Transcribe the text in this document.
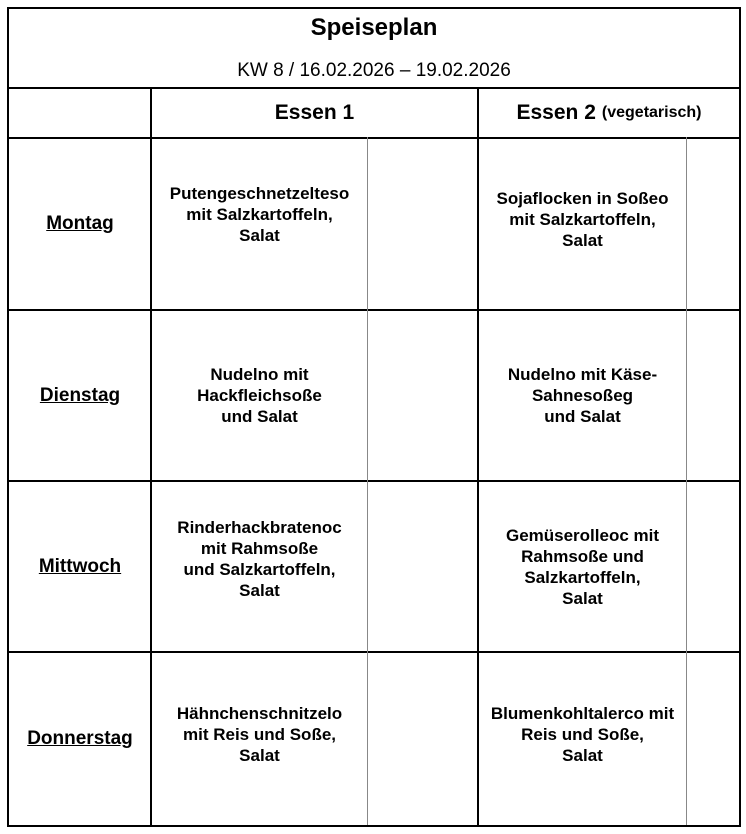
Speiseplan
KW 8 / 16.02.2026 – 19.02.2026
Essen 1	Essen 2 (vegetarisch)
Montag
Putengeschnetzelteso
mit Salzkartoffeln,
Salat
Sojaflocken in Soßeo
mit Salzkartoffeln,
Salat
Dienstag
Nudelno mit
Hackfleichsoße
und Salat
Nudelno mit Käse-
Sahnesoßeg
und Salat
Mittwoch
Rinderhackbratenoc
mit Rahmsoße
und Salzkartoffeln,
Salat
Gemüserolleoc mit
Rahmsoße und
Salzkartoffeln,
Salat
Donnerstag
Hähnchenschnitzelo
mit Reis und Soße,
Salat
Blumenkohltalerco mit
Reis und Soße,
Salat
